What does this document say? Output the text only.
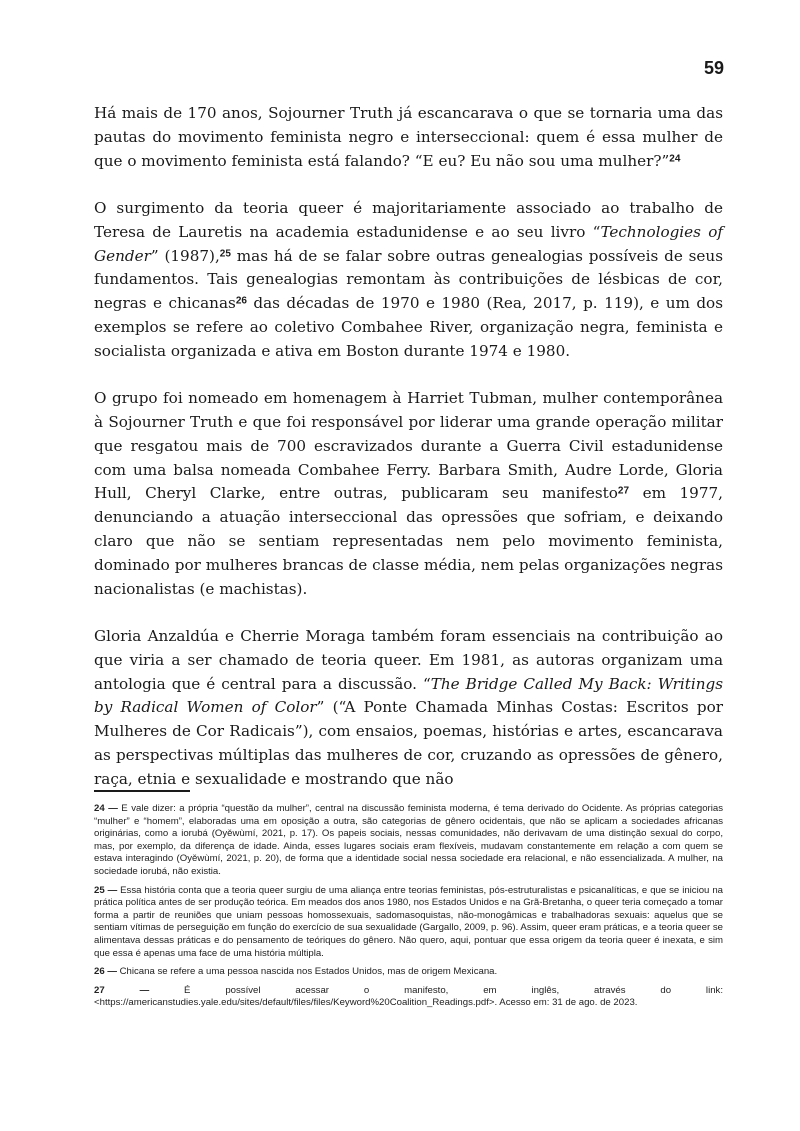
59

Há mais de 170 anos, Sojourner Truth já escancarava o que se tornaria uma das pautas do movimento feminista negro e interseccional: quem é essa mulher de que o movimento feminista está falando? “E eu? Eu não sou uma mulher?”$^{24}$

O surgimento da teoria queer é majoritariamente associado ao trabalho de Teresa de Lauretis na academia estadunidense e ao seu livro “Technologies of Gender” (1987),$^{25}$ mas há de se falar sobre outras genealogias possíveis de seus fundamentos. Tais genealogias remontam às contribuições de lésbicas de cor, negras e chicanas$^{26}$ das décadas de 1970 e 1980 (Rea, 2017, p. 119), e um dos exemplos se refere ao coletivo Combahee River, organização negra, feminista e socialista organizada e ativa em Boston durante 1974 e 1980.

O grupo foi nomeado em homenagem à Harriet Tubman, mulher contemporânea à Sojourner Truth e que foi responsável por liderar uma grande operação militar que resgatou mais de 700 escravizados durante a Guerra Civil estadunidense com uma balsa nomeada Combahee Ferry. Barbara Smith, Audre Lorde, Gloria Hull, Cheryl Clarke, entre outras, publicaram seu manifesto$^{27}$ em 1977, denunciando a atuação interseccional das opressões que sofriam, e deixando claro que não se sentiam representadas nem pelo movimento feminista, dominado por mulheres brancas de classe média, nem pelas organizações negras nacionalistas (e machistas).

Gloria Anzaldúa e Cherrie Moraga também foram essenciais na contribuição ao que viria a ser chamado de teoria queer. Em 1981, as autoras organizam uma antologia que é central para a discussão. “The Bridge Called My Back: Writings by Radical Women of Color” (“A Ponte Chamada Minhas Costas: Escritos por Mulheres de Cor Radicais”), com ensaios, poemas, histórias e artes, escancarava as perspectivas múltiplas das mulheres de cor, cruzando as opressões de gênero, raça, etnia e sexualidade e mostrando que não

24 — E vale dizer: a própria “questão da mulher”, central na discussão feminista moderna, é tema derivado do Ocidente. As próprias categorias “mulher” e “homem”, elaboradas uma em oposição a outra, são categorias de gênero ocidentais, que não se aplicam a sociedades africanas originárias, como a iorubá (Oyěwùmí, 2021, p. 17). Os papeis sociais, nessas comunidades, não derivavam de uma distinção sexual do corpo, mas, por exemplo, da diferença de idade. Ainda, esses lugares sociais eram flexíveis, mudavam constantemente em relação a com quem se estava interagindo (Oyěwùmí, 2021, p. 20), de forma que a identidade social nessa sociedade era relacional, e não essencializada. A mulher, na sociedade iorubá, não existia.

25 — Essa história conta que a teoria queer surgiu de uma aliança entre teorias feministas, pós-estruturalistas e psicanalíticas, e que se iniciou na prática política antes de ser produção teórica. Em meados dos anos 1980, nos Estados Unidos e na Grã-Bretanha, o queer teria começado a tomar forma a partir de reuniões que uniam pessoas homossexuais, sadomasoquistas, não-monogâmicas e trabalhadoras sexuais: aquelus que se sentiam vítimas de perseguição em função do exercício de sua sexualidade (Gargallo, 2009, p. 96). Assim, queer eram práticas, e a teoria queer se alimentava dessas práticas e do pensamento de teóriques do gênero. Não quero, aqui, pontuar que essa origem da teoria queer é inexata, e sim que essa é apenas uma face de uma história múltipla.

26 — Chicana se refere a uma pessoa nascida nos Estados Unidos, mas de origem Mexicana.

27	—	É possível acessar o manifesto, em inglês, através do link: <https://americanstudies.yale.edu/sites/default/files/files/Keyword%20Coalition_Readings.pdf>. Acesso em: 31 de ago. de 2023.
